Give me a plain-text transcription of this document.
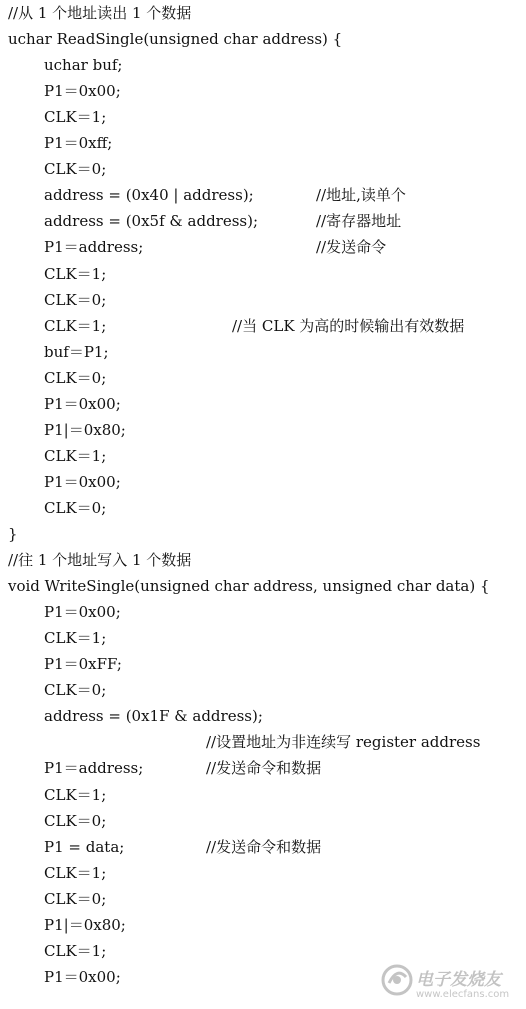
//从 1 个地址读出 1 个数据
uchar ReadSingle(unsigned char address) {
uchar buf;
P1＝0x00;
CLK＝1;
P1＝0xff;
CLK＝0;
address = (0x40 | address);	//地址,读单个
address = (0x5f & address);	//寄存器地址
P1＝address;	//发送命令
CLK＝1;
CLK＝0;
CLK＝1;	//当 CLK 为高的时候输出有效数据
buf＝P1;
CLK＝0;
P1＝0x00;
P1|＝0x80;
CLK＝1;
P1＝0x00;
CLK＝0;
}
//往 1 个地址写入 1 个数据
void WriteSingle(unsigned char address, unsigned char data) {
P1＝0x00;
CLK＝1;
P1＝0xFF;
CLK＝0;
address = (0x1F & address);
//设置地址为非连续写 register address
P1＝address;	//发送命令和数据
CLK＝1;
CLK＝0;
P1 = data;	//发送命令和数据
CLK＝1;
CLK＝0;
P1|＝0x80;
CLK＝1;
P1＝0x00;	电子发烧友
www.elecfans.com
